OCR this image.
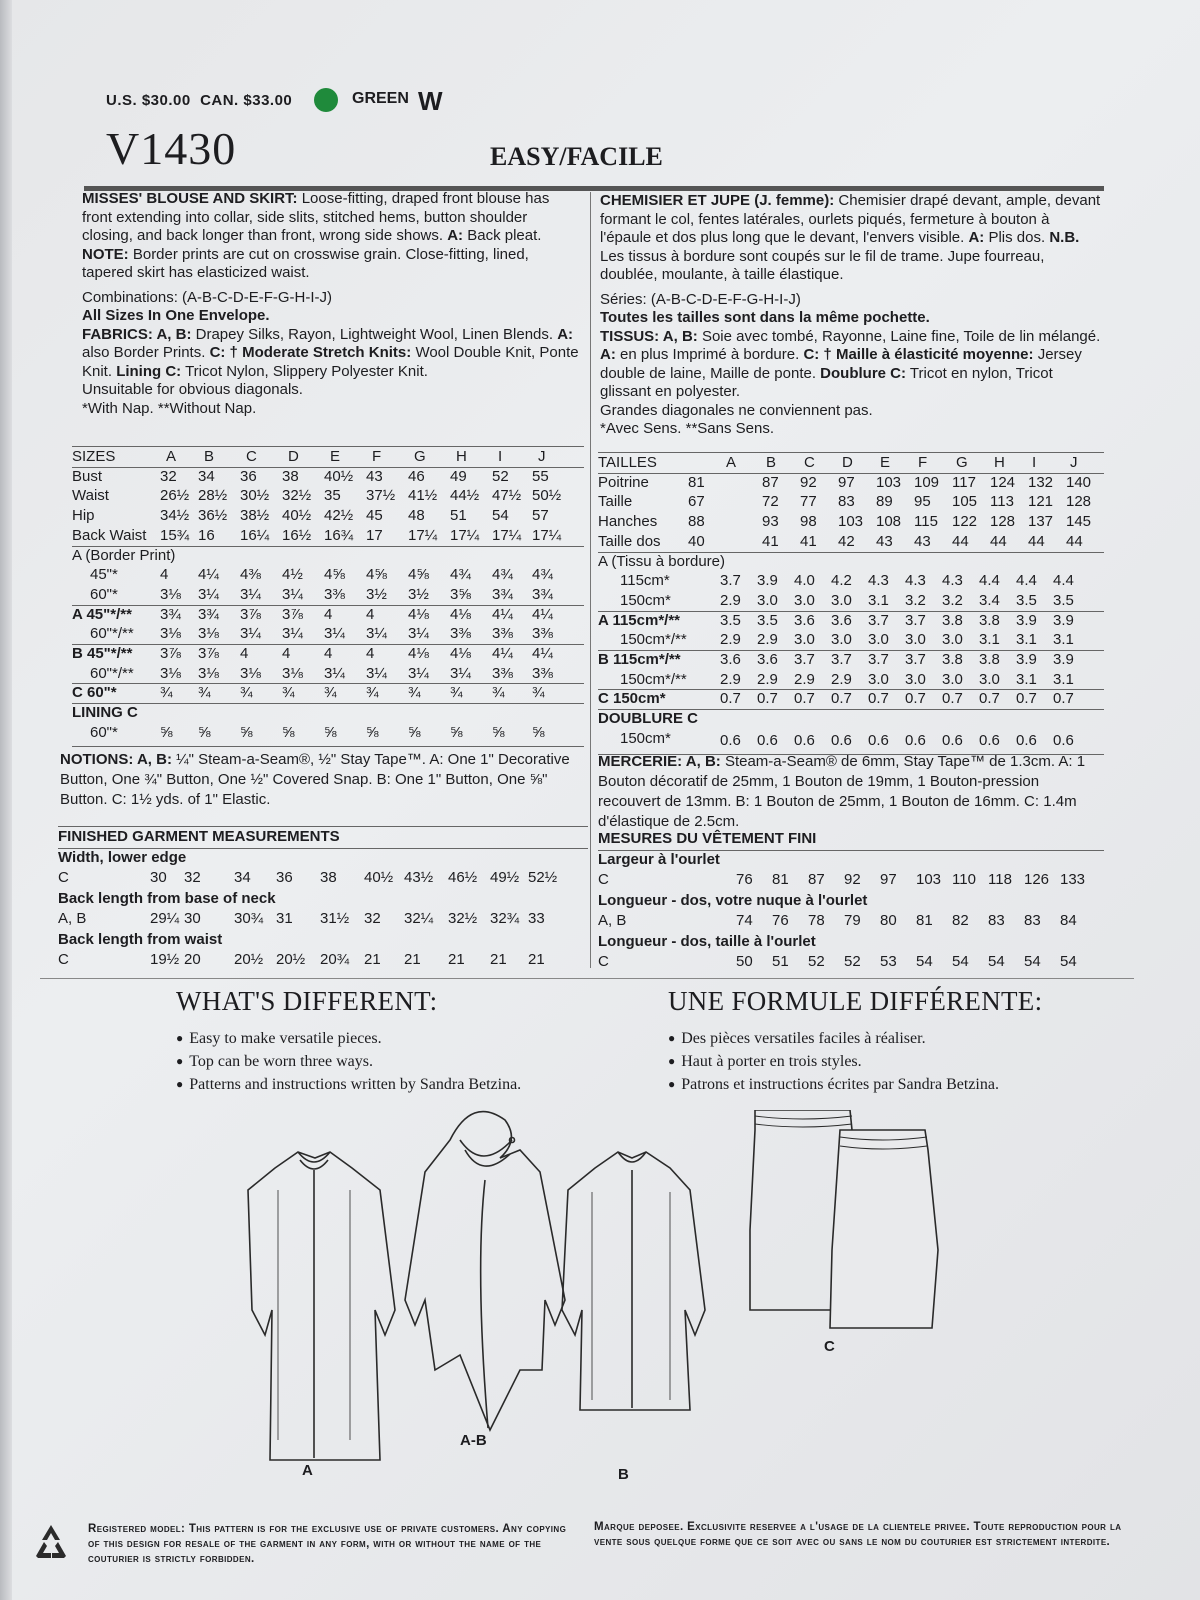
U.S. $30.00 CAN. $33.00	GREEN W
V1430	EASY/FACILE

MISSES' BLOUSE AND SKIRT: Loose-fitting, draped front blouse has front extending into collar, side slits, stitched hems, button shoulder closing, and back longer than front, wrong side shows. A: Back pleat. NOTE: Border prints are cut on crosswise grain. Close-fitting, lined, tapered skirt has elasticized waist.

Combinations: (A-B-C-D-E-F-G-H-I-J)

All Sizes In One Envelope.

FABRICS: A, B: Drapey Silks, Rayon, Lightweight Wool, Linen Blends. A: also Border Prints. C: † Moderate Stretch Knits: Wool Double Knit, Ponte Knit. Lining C: Tricot Nylon, Slippery Polyester Knit.

Unsuitable for obvious diagonals.

*With Nap. **Without Nap.

CHEMISIER ET JUPE (J. femme): Chemisier drapé devant, ample, devant formant le col, fentes latérales, ourlets piqués, fermeture à bouton à l'épaule et dos plus long que le devant, l'envers visible. A: Plis dos. N.B. Les tissus à bordure sont coupés sur le fil de trame. Jupe fourreau, doublée, moulante, à taille élastique.

Séries: (A-B-C-D-E-F-G-H-I-J)

Toutes les tailles sont dans la même pochette.

TISSUS: A, B: Soie avec tombé, Rayonne, Laine fine, Toile de lin mélangé. A: en plus Imprimé à bordure. C: † Maille à élasticité moyenne: Jersey double de laine, Maille de ponte. Doublure C: Tricot en nylon, Tricot glissant en polyester.

Grandes diagonales ne conviennent pas.

*Avec Sens. **Sans Sens.

SIZES	A B C D E F G H I J
Bust	32 34 36 38 40½ 43 46 49 52 55
Waist	26½ 28½ 30½ 32½ 35 37½ 41½ 44½ 47½ 50½
Hip	34½ 36½ 38½ 40½ 42½ 45 48 51 54 57
Back Waist 15¾ 16 16¼ 16½ 16¾ 17 17¼ 17¼ 17¼ 17¼
A (Border Print)
45"*	4 4¼ 4⅜ 4½ 4⅝ 4⅝ 4⅝ 4¾ 4¾ 4¾
60"*	3⅛ 3¼ 3¼ 3¼ 3⅜ 3½ 3½ 3⅝ 3¾ 3¾
A 45"*/** 3¾ 3¾ 3⅞ 3⅞ 4 4 4⅛ 4⅛ 4¼ 4¼
60"*/** 3⅛ 3⅛ 3¼ 3¼ 3¼ 3¼ 3¼ 3⅜ 3⅜ 3⅜
B 45"*/** 3⅞ 3⅞ 4 4 4 4 4⅛ 4⅛ 4¼ 4¼
60"*/** 3⅛ 3⅛ 3⅛ 3⅛ 3¼ 3¼ 3¼ 3¼ 3⅜ 3⅜
C 60"*	¾ ¾ ¾ ¾ ¾ ¾ ¾ ¾ ¾ ¾
LINING C
60"*	⅝ ⅝ ⅝ ⅝ ⅝ ⅝ ⅝ ⅝ ⅝ ⅝
TAILLES	A B C D E F G H I J
Poitrine	81	87 92 97 103 109 117 124 132 140
Taille	67	72 77 83 89 95 105 113 121 128
Hanches 88	93 98 103 108 115 122 128 137 145
Taille dos 40	41 41 42 43 43 44 44 44 44
A (Tissu à bordure)
115cm*	3.7 3.9 4.0 4.2 4.3 4.3 4.3 4.4 4.4 4.4
150cm*	2.9 3.0 3.0 3.0 3.1 3.2 3.2 3.4 3.5 3.5
A 115cm*/**	3.5 3.5 3.6 3.6 3.7 3.7 3.8 3.8 3.9 3.9
150cm*/** 2.9 2.9 3.0 3.0 3.0 3.0 3.0 3.1 3.1 3.1
B 115cm*/**	3.6 3.6 3.7 3.7 3.7 3.7 3.8 3.8 3.9 3.9
150cm*/** 2.9 2.9 2.9 2.9 3.0 3.0 3.0 3.0 3.1 3.1
C 150cm*	0.7 0.7 0.7 0.7 0.7 0.7 0.7 0.7 0.7 0.7
DOUBLURE C
150cm*	0.6 0.6 0.6 0.6 0.6 0.6 0.6 0.6 0.6 0.6

NOTIONS: A, B: ¼" Steam-a-Seam®, ½" Stay Tape™. A: One 1" Decorative Button, One ¾" Button, One ½" Covered Snap. B: One 1" Button, One ⅝" Button. C: 1½ yds. of 1" Elastic.

MERCERIE: A, B: Steam-a-Seam® de 6mm, Stay Tape™ de 1.3cm. A: 1 Bouton décoratif de 25mm, 1 Bouton de 19mm, 1 Bouton-pression recouvert de 13mm. B: 1 Bouton de 25mm, 1 Bouton de 16mm. C: 1.4m d'élastique de 2.5cm.

FINISHED GARMENT MEASUREMENTS
Width, lower edge
C	30 32 34 36 38 40½ 43½ 46½ 49½ 52½
Back length from base of neck
A, B	29¼ 30 30¾ 31 31½ 32 32¼ 32½ 32¾ 33
Back length from waist
C	19½ 20 20½ 20½ 20¾ 21 21 21 21 21
MESURES DU VÊTEMENT FINI
Largeur à l'ourlet
C	76 81 87 92 97 103 110 118 126 133
Longueur - dos, votre nuque à l'ourlet
A, B	74 76 78 79 80 81 82 83 83 84
Longueur - dos, taille à l'ourlet
C	50 51 52 52 53 54 54 54 54 54
WHAT'S DIFFERENT:
● Easy to make versatile pieces.
● Top can be worn three ways.
● Patterns and instructions written by Sandra Betzina.
UNE FORMULE DIFFÉRENTE:
● Des pièces versatiles faciles à réaliser.
● Haut à porter en trois styles.
● Patrons et instructions écrites par Sandra Betzina.
A
A-B
B
C
Registered model: This pattern is for the exclusive use of private customers. Any copying of this design for resale of the garment in any form, with or without the name of the couturier is strictly forbidden.
Marque deposee. Exclusivite reservee a l'usage de la clientele privee. Toute reproduction pour la vente sous quelque forme que ce soit avec ou sans le nom du couturier est strictement interdite.
